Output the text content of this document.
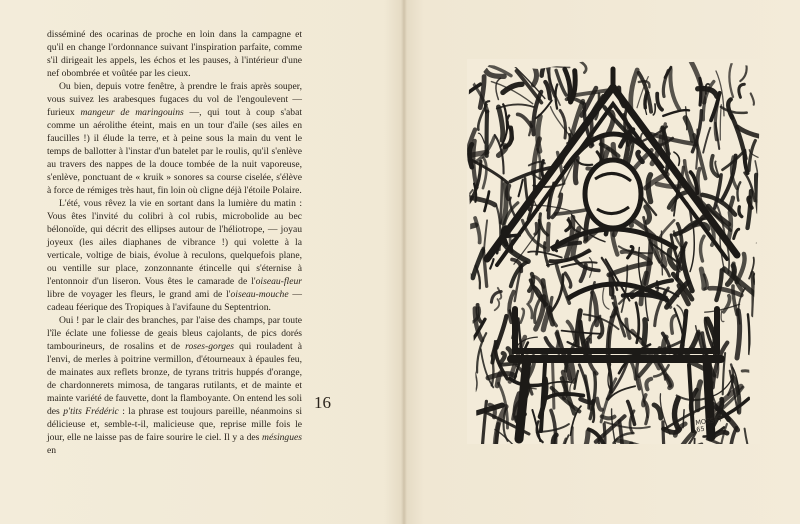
disséminé des ocarinas de proche en loin dans la campagne et qu'il en change l'ordonnance suivant l'inspiration parfaite, comme s'il dirigeait les appels, les échos et les pauses, à l'intérieur d'une nef obombrée et voûtée par les cieux.

Ou bien, depuis votre fenêtre, à prendre le frais après souper, vous suivez les arabesques fugaces du vol de l'engoulevent — furieux mangeur de maringouins —, qui tout à coup s'abat comme un aérolithe éteint, mais en un tour d'aile (ses ailes en faucilles !) il élude la terre, et à peine sous la main du vent le temps de ballotter à l'instar d'un batelet par le roulis, qu'il s'enlève au travers des nappes de la douce tombée de la nuit vaporeuse, s'enlève, ponctuant de « kruik » sonores sa course ciselée, s'élève à force de rémiges très haut, fin loin où cligne déjà l'étoile Polaire.

L'été, vous rêvez la vie en sortant dans la lumière du matin : Vous êtes l'invité du colibri à col rubis, microbolide au bec bélonoïde, qui décrit des ellipses autour de l'héliotrope, — joyau joyeux (les ailes diaphanes de vibrance !) qui volette à la verticale, voltige de biais, évolue à reculons, quelquefois plane, ou ventille sur place, zonzonnante étincelle qui s'éternise à l'entonnoir d'un liseron. Vous êtes le camarade de l'oiseau-fleur libre de voyager les fleurs, le grand ami de l'oiseau-mouche — cadeau féerique des Tropiques à l'avifaune du Septentrion.

Oui ! par le clair des branches, par l'aise des champs, par toute l'île éclate une foliesse de geais bleus cajolants, de pics dorés tambourineurs, de rosalins et de roses-gorges qui rouladent à l'envi, de merles à poitrine vermillon, d'étourneaux à épaules feu, de mainates aux reflets bronze, de tyrans tritris huppés d'orange, de chardonnerets mimosa, de tangaras rutilants, et de mainte et mainte variété de fauvette, dont la flamboyante. On entend les soli des p'tits Frédéric : la phrase est toujours pareille, néanmoins si délicieuse et, semble-t-il, malicieuse que, reprise mille fois le jour, elle ne laisse pas de faire sourire le ciel. Il y a des mésingues en

16
MOSSET
65
